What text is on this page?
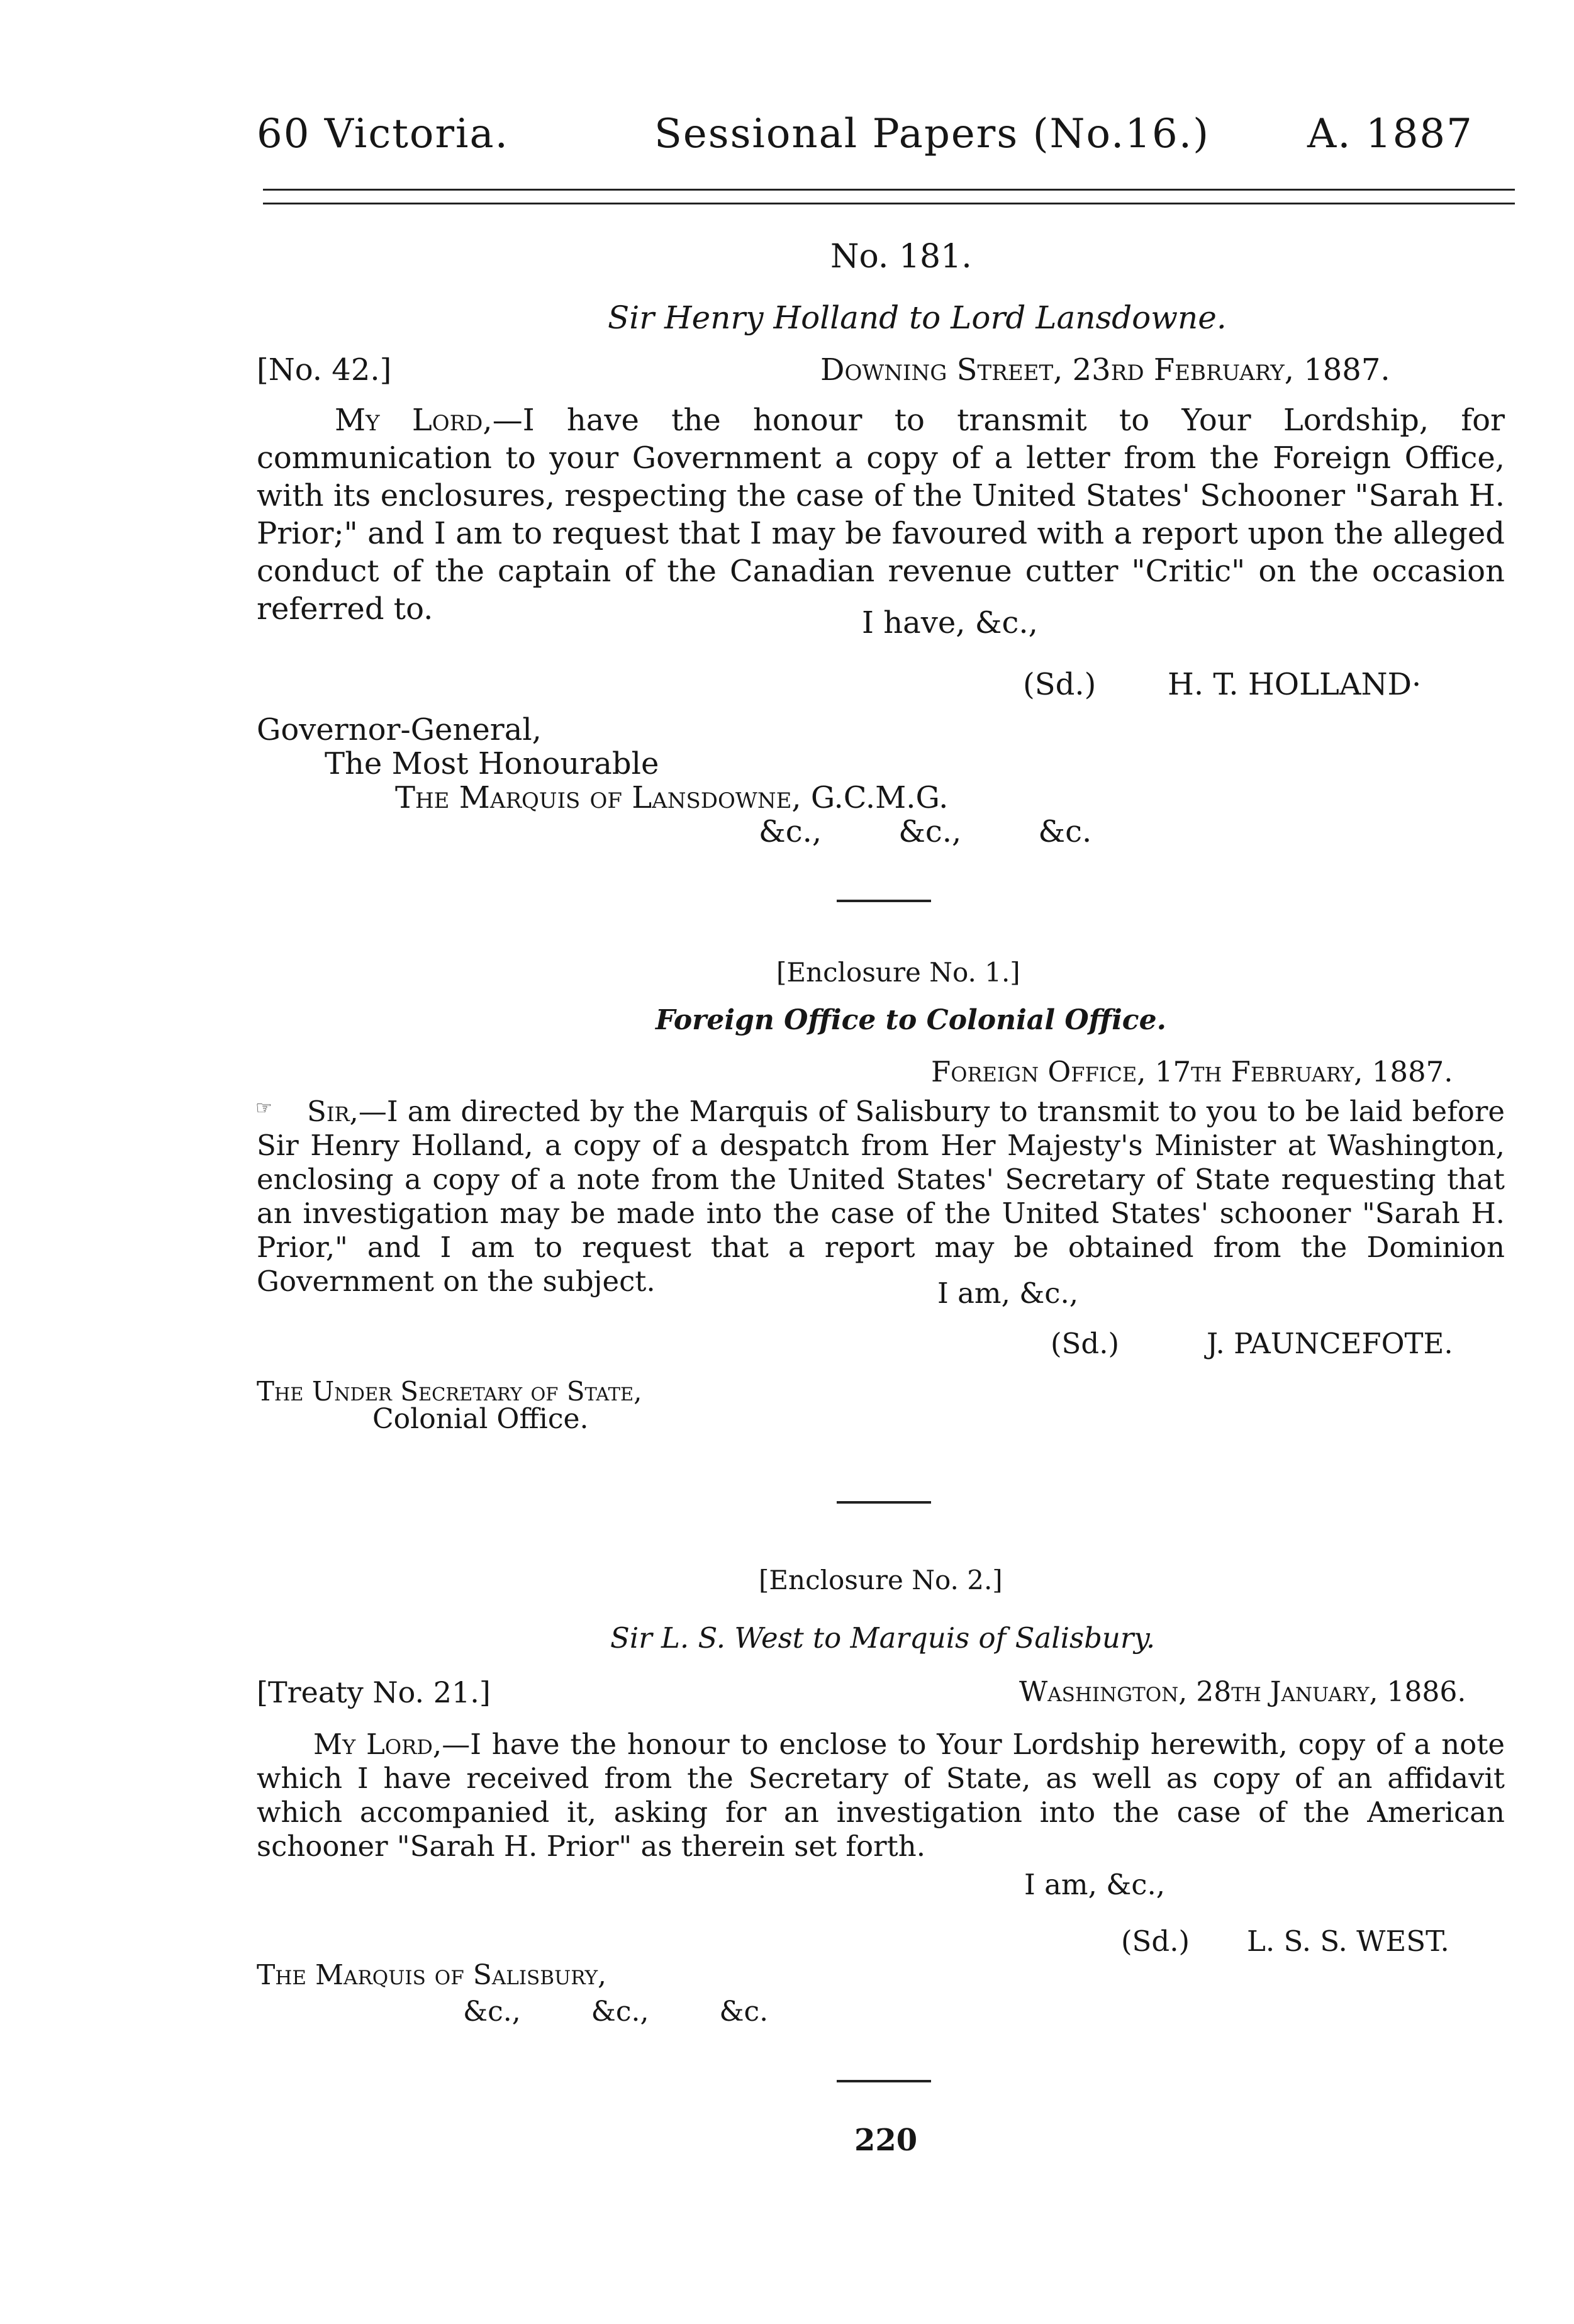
60 Victoria.	Sessional Papers (No.16.) A. 1887
No. 181.
Sir Henry Holland to Lord Lansdowne.
[No. 42.]	Downing Street, 23rd February, 1887.
My Lord,—I have the honour to transmit to Your Lordship, for communication to your Government a copy of a letter from the Foreign Office, with its enclosures, respecting the case of the United States' Schooner "Sarah H. Prior;" and I am to request that I may be favoured with a report upon the alleged conduct of the captain of the Canadian revenue cutter "Critic" on the occasion referred to.	I have, &c.,
(Sd.) H. T. HOLLAND·
Governor-General,
The Most Honourable
The Marquis of Lansdowne, G.C.M.G.
&c.,        &c.,        &c.
[Enclosure No. 1.]
Foreign Office to Colonial Office.
Foreign Office, 17th February, 1887.
☞	Sir,—I am directed by the Marquis of Salisbury to transmit to you to be laid before Sir Henry Holland, a copy of a despatch from Her Majesty's Minister at Washington, enclosing a copy of a note from the United States' Secretary of State requesting that an investigation may be made into the case of the United States' schooner "Sarah H. Prior," and I am to request that a report may be obtained from the Dominion Government on the subject.	I am, &c.,
(Sd.)	J. PAUNCEFOTE.
The Under Secretary of State,
Colonial Office.
[Enclosure No. 2.]
Sir L. S. West to Marquis of Salisbury.
[Treaty No. 21.]	Washington, 28th January, 1886.
My Lord,—I have the honour to enclose to Your Lordship herewith, copy of a note which I have received from the Secretary of State, as well as copy of an affidavit which accompanied it, asking for an investigation into the case of the American schooner "Sarah H. Prior" as therein set forth.
I am, &c.,
(Sd.) L. S. S. WEST.
The Marquis of Salisbury,
&c.,        &c.,        &c.
220
